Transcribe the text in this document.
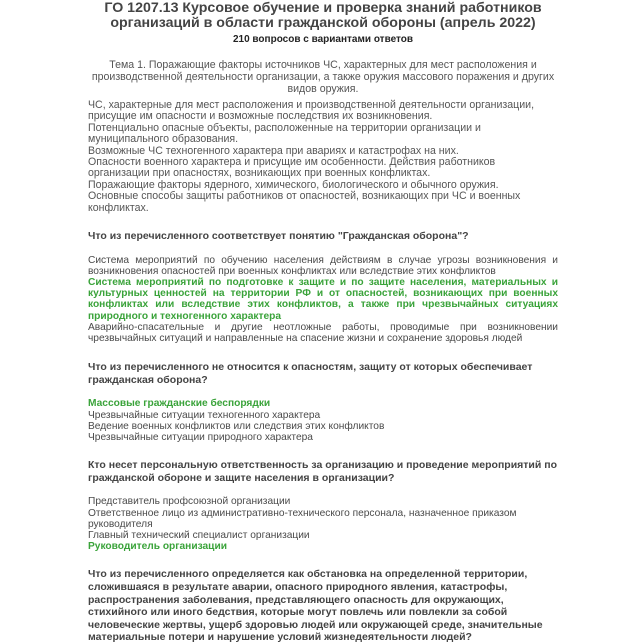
ГО 1207.13 Курсовое обучение и проверка знаний работников организаций в области гражданской обороны (апрель 2022)
210 вопросов с вариантами ответов
Тема 1. Поражающие факторы источников ЧС, характерных для мест расположения и производственной деятельности организации, а также оружия массового поражения и других видов оружия.

ЧС, характерные для мест расположения и производственной деятельности организации, присущие им опасности и возможные последствия их возникновения.

Потенциально опасные объекты, расположенные на территории организации и муниципального образования.

Возможные ЧС техногенного характера при авариях и катастрофах на них.

Опасности военного характера и присущие им особенности. Действия работников организации при опасностях, возникающих при военных конфликтах.

Поражающие факторы ядерного, химического, биологического и обычного оружия.

Основные способы защиты работников от опасностей, возникающих при ЧС и военных конфликтах.

Что из перечисленного соответствует понятию "Гражданская оборона"?

Система мероприятий по обучению населения действиям в случае угрозы возникновения и возникновения опасностей при военных конфликтах или вследствие этих конфликтов

Система мероприятий по подготовке к защите и по защите населения, материальных и культурных ценностей на территории РФ и от опасностей, возникающих при военных конфликтах или вследствие этих конфликтов, а также при чрезвычайных ситуациях природного и техногенного характера

Аварийно-спасательные и другие неотложные работы, проводимые при возникновении чрезвычайных ситуаций и направленные на спасение жизни и сохранение здоровья людей

Что из перечисленного не относится к опасностям, защиту от которых обеспечивает гражданская оборона?

Массовые гражданские беспорядки

Чрезвычайные ситуации техногенного характера

Ведение военных конфликтов или следствия этих конфликтов

Чрезвычайные ситуации природного характера

Кто несет персональную ответственность за организацию и проведение мероприятий по гражданской обороне и защите населения в организации?

Представитель профсоюзной организации

Ответственное лицо из административно-технического персонала, назначенное приказом руководителя

Главный технический специалист организации

Руководитель организации

Что из перечисленного определяется как обстановка на определенной территории, сложившаяся в результате аварии, опасного природного явления, катастрофы, распространения заболевания, представляющего опасность для окружающих, стихийного или иного бедствия, которые могут повлечь или повлекли за собой человеческие жертвы, ущерб здоровью людей или окружающей среде, значительные материальные потери и нарушение условий жизнедеятельности людей?
